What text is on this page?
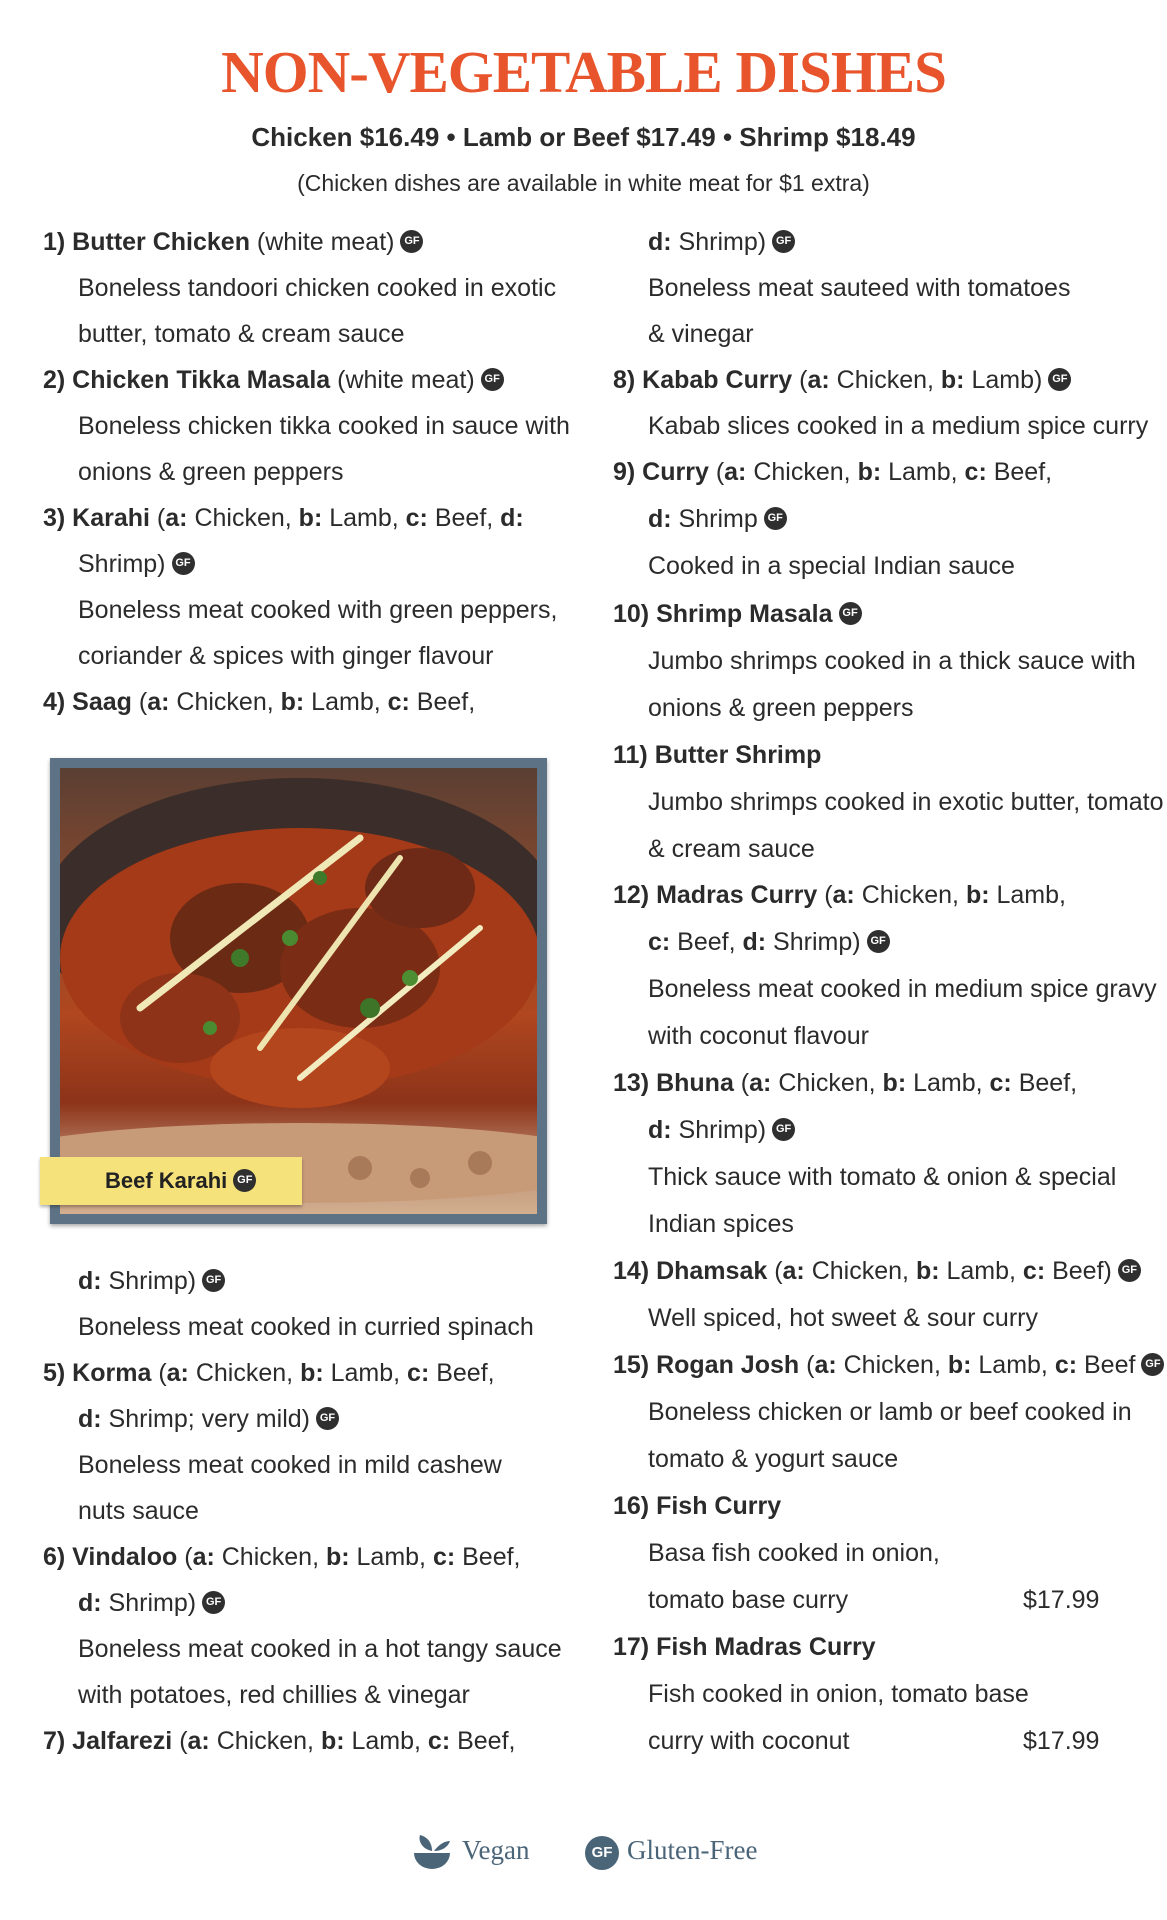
NON-VEGETABLE DISHES
Chicken $16.49 • Lamb or Beef $17.49 • Shrimp $18.49
(Chicken dishes are available in white meat for $1 extra)
1) Butter Chicken (white meat) GF
Boneless tandoori chicken cooked in exotic
butter, tomato & cream sauce
2) Chicken Tikka Masala (white meat) GF
Boneless chicken tikka cooked in sauce with
onions & green peppers
3) Karahi (a: Chicken, b: Lamb, c: Beef, d:
Shrimp) GF
Boneless meat cooked with green peppers,
coriander & spices with ginger flavour
4) Saag (a: Chicken, b: Lamb, c: Beef,
d: Shrimp) GF
Boneless meat cooked in curried spinach
5) Korma (a: Chicken, b: Lamb, c: Beef,
d: Shrimp; very mild) GF
Boneless meat cooked in mild cashew
nuts sauce
6) Vindaloo (a: Chicken, b: Lamb, c: Beef,
d: Shrimp) GF
Boneless meat cooked in a hot tangy sauce
with potatoes, red chillies & vinegar
7) Jalfarezi (a: Chicken, b: Lamb, c: Beef,
d: Shrimp) GF
Boneless meat sauteed with tomatoes
& vinegar
8) Kabab Curry (a: Chicken, b: Lamb) GF
Kabab slices cooked in a medium spice curry
9) Curry (a: Chicken, b: Lamb, c: Beef,
d: Shrimp GF
Cooked in a special Indian sauce
10) Shrimp Masala GF
Jumbo shrimps cooked in a thick sauce with
onions & green peppers
11) Butter Shrimp
Jumbo shrimps cooked in exotic butter, tomato
& cream sauce
12) Madras Curry (a: Chicken, b: Lamb,
c: Beef, d: Shrimp) GF
Boneless meat cooked in medium spice gravy
with coconut flavour
13) Bhuna (a: Chicken, b: Lamb, c: Beef,
d: Shrimp) GF
Thick sauce with tomato & onion & special
Indian spices
14) Dhamsak (a: Chicken, b: Lamb, c: Beef) GF
Well spiced, hot sweet & sour curry
15) Rogan Josh (a: Chicken, b: Lamb, c: Beef GF
Boneless chicken or lamb or beef cooked in
tomato & yogurt sauce
16) Fish Curry
Basa fish cooked in onion,
tomato base curry	$17.99
17) Fish Madras Curry
Fish cooked in onion, tomato base
curry with coconut	$17.99
Beef Karahi GF
Vegan	GF Gluten-Free
